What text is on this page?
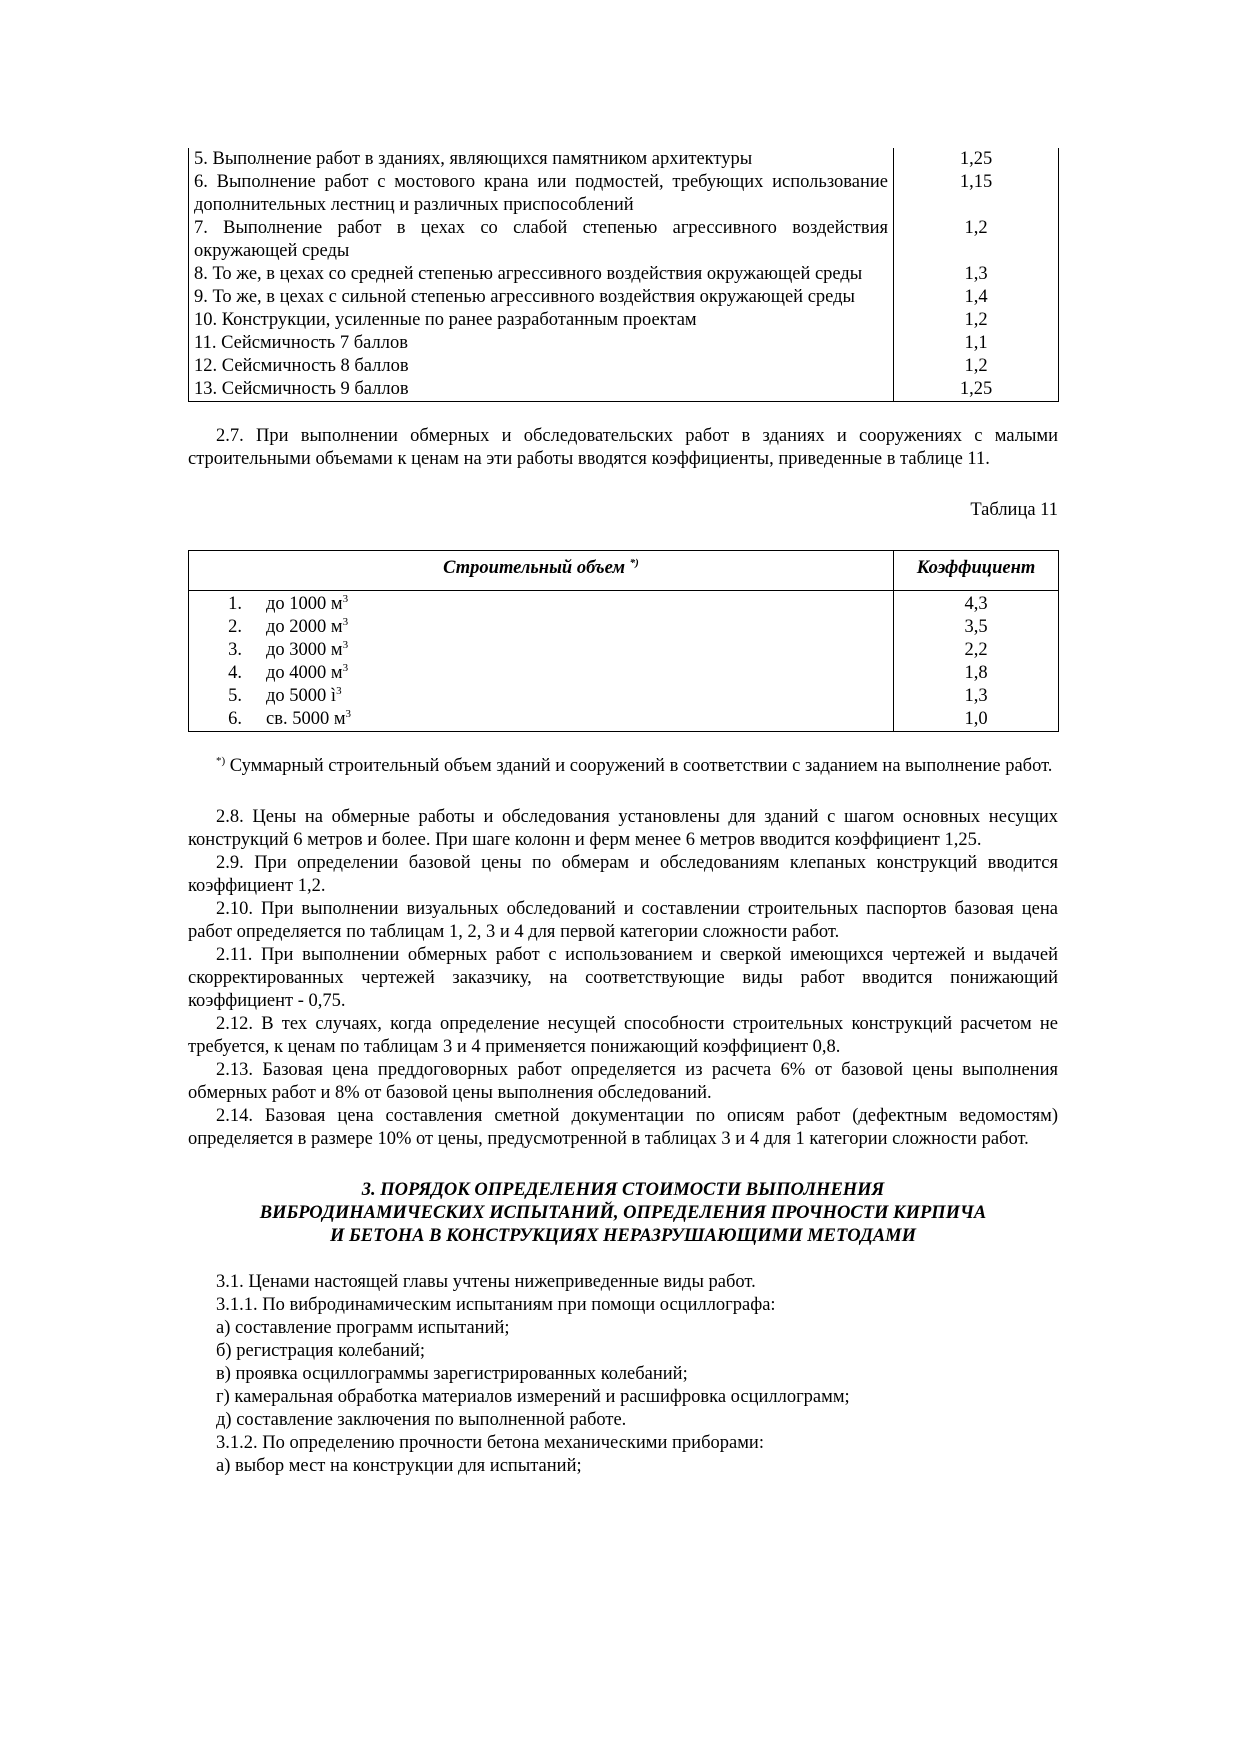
5. Выполнение работ в зданиях, являющихся памятником архитектуры	1,25
6. Выполнение работ с мостового крана или подмостей, требующих использование дополнительных лестниц и различных приспособлений	1,15
7. Выполнение работ в цехах со слабой степенью агрессивного воздействия окружающей среды	1,2
8. То же, в цехах со средней степенью агрессивного воздействия окружающей среды	1,3
9. То же, в цехах с сильной степенью агрессивного воздействия окружающей среды	1,4
10. Конструкции, усиленные по ранее разработанным проектам	1,2
11. Сейсмичность 7 баллов	1,1
12. Сейсмичность 8 баллов	1,2
13. Сейсмичность 9 баллов	1,25

2.7. При выполнении обмерных и обследовательских работ в зданиях и сооружениях с малыми строительными объемами к ценам на эти работы вводятся коэффициенты, приведенные в таблице 11.

Таблица 11

Строительный объем *)	Коэффициент
1. до 1000 $м^3$	4,3
2. до 2000 $м^3$	3,5
3. до 3000 $м^3$	2,2
4. до 4000 $м^3$	1,8
5. до 5000 $ì^3$	1,3
6. св. 5000 $м^3$	1,0

*) Суммарный строительный объем зданий и сооружений в соответствии с заданием на выполнение работ.

2.8. Цены на обмерные работы и обследования установлены для зданий с шагом основных несущих конструкций 6 метров и более. При шаге колонн и ферм менее 6 метров вводится коэффициент 1,25.

2.9. При определении базовой цены по обмерам и обследованиям клепаных конструкций вводится коэффициент 1,2.

2.10. При выполнении визуальных обследований и составлении строительных паспортов базовая цена работ определяется по таблицам 1, 2, 3 и 4 для первой категории сложности работ.

2.11. При выполнении обмерных работ с использованием и сверкой имеющихся чертежей и выдачей скорректированных чертежей заказчику, на соответствующие виды работ вводится понижающий коэффициент - 0,75.

2.12. В тех случаях, когда определение несущей способности строительных конструкций расчетом не требуется, к ценам по таблицам 3 и 4 применяется понижающий коэффициент 0,8.

2.13. Базовая цена преддоговорных работ определяется из расчета 6% от базовой цены выполнения обмерных работ и 8% от базовой цены выполнения обследований.

2.14. Базовая цена составления сметной документации по описям работ (дефектным ведомостям) определяется в размере 10% от цены, предусмотренной в таблицах 3 и 4 для 1 категории сложности работ.

3. ПОРЯДОК ОПРЕДЕЛЕНИЯ СТОИМОСТИ ВЫПОЛНЕНИЯ
ВИБРОДИНАМИЧЕСКИХ ИСПЫТАНИЙ, ОПРЕДЕЛЕНИЯ ПРОЧНОСТИ КИРПИЧА
И БЕТОНА В КОНСТРУКЦИЯХ НЕРАЗРУШАЮЩИМИ МЕТОДАМИ

3.1. Ценами настоящей главы учтены нижеприведенные виды работ.

3.1.1. По вибродинамическим испытаниям при помощи осциллографа:

а) составление программ испытаний;

б) регистрация колебаний;

в) проявка осциллограммы зарегистрированных колебаний;

г) камеральная обработка материалов измерений и расшифровка осциллограмм;

д) составление заключения по выполненной работе.

3.1.2. По определению прочности бетона механическими приборами:

а) выбор мест на конструкции для испытаний;
